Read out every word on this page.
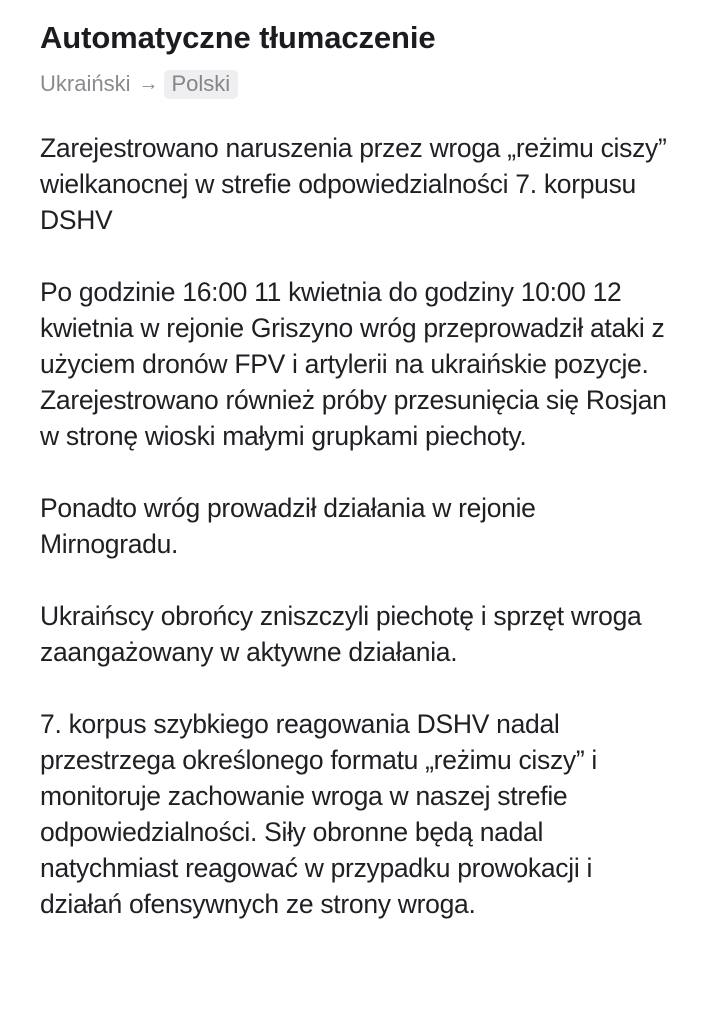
Automatyczne tłumaczenie
Ukraiński → Polski

Zarejestrowano naruszenia przez wroga „reżimu ciszy” wielkanocnej w strefie odpowiedzialności 7. korpusu DSHV

Po godzinie 16:00 11 kwietnia do godziny 10:00 12 kwietnia w rejonie Griszyno wróg przeprowadził ataki z użyciem dronów FPV i artylerii na ukraińskie pozycje. Zarejestrowano również próby przesunięcia się Rosjan w stronę wioski małymi grupkami piechoty.

Ponadto wróg prowadził działania w rejonie Mirnogradu.

Ukraińscy obrońcy zniszczyli piechotę i sprzęt wroga zaangażowany w aktywne działania.

7. korpus szybkiego reagowania DSHV nadal przestrzega określonego formatu „reżimu ciszy” i monitoruje zachowanie wroga w naszej strefie odpowiedzialności. Siły obronne będą nadal natychmiast reagować w przypadku prowokacji i działań ofensywnych ze strony wroga.
